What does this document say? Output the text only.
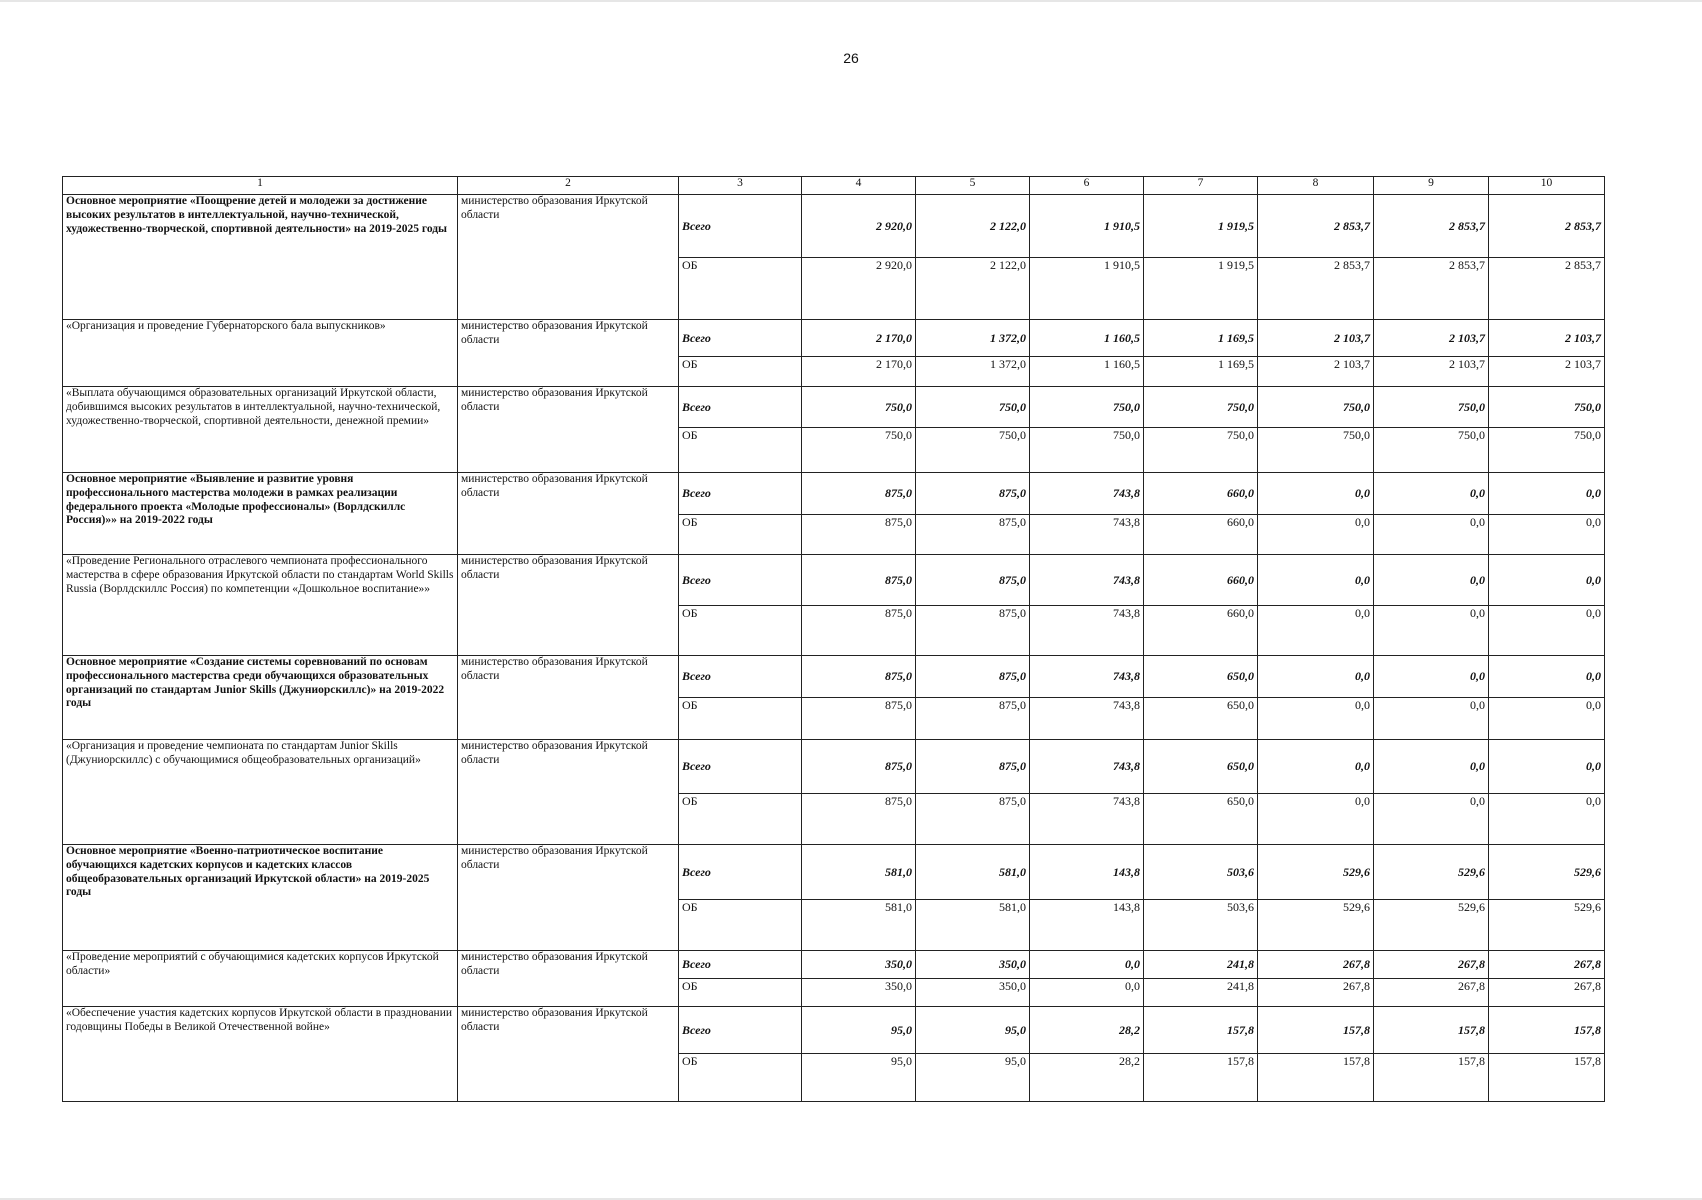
26
1	2	3	4	5	6	7	8	9	10
Основное мероприятие «Поощрение детей и молодежи за достижение высоких результатов в интеллектуальной, научно-технической, художественно-творческой, спортивной деятельности» на 2019-2025 годы	министерство образования Иркутской области	Всего	2 920,0	2 122,0	1 910,5	1 919,5	2 853,7	2 853,7	2 853,7
		ОБ	2 920,0	2 122,0	1 910,5	1 919,5	2 853,7	2 853,7	2 853,7
«Организация и проведение Губернаторского бала выпускников»	министерство образования Иркутской области	Всего	2 170,0	1 372,0	1 160,5	1 169,5	2 103,7	2 103,7	2 103,7
		ОБ	2 170,0	1 372,0	1 160,5	1 169,5	2 103,7	2 103,7	2 103,7
«Выплата обучающимся образовательных организаций Иркутской области, добившимся высоких результатов в интеллектуальной, научно-технической, художественно-творческой, спортивной деятельности, денежной премии»	министерство образования Иркутской области	Всего	750,0	750,0	750,0	750,0	750,0	750,0	750,0
		ОБ	750,0	750,0	750,0	750,0	750,0	750,0	750,0
Основное мероприятие «Выявление и развитие уровня профессионального мастерства молодежи в рамках реализации федерального проекта «Молодые профессионалы» (Ворлдскиллс Россия)»» на 2019-2022 годы	министерство образования Иркутской области	Всего	875,0	875,0	743,8	660,0	0,0	0,0	0,0
		ОБ	875,0	875,0	743,8	660,0	0,0	0,0	0,0
«Проведение Регионального отраслевого чемпионата профессионального мастерства в сфере образования Иркутской области по стандартам World Skills Russia (Ворлдскиллс Россия) по компетенции «Дошкольное воспитание»»	министерство образования Иркутской области	Всего	875,0	875,0	743,8	660,0	0,0	0,0	0,0
		ОБ	875,0	875,0	743,8	660,0	0,0	0,0	0,0
Основное мероприятие «Создание системы соревнований по основам профессионального мастерства среди обучающихся образовательных организаций по стандартам Junior Skills (Джуниорскиллс)» на 2019-2022 годы	министерство образования Иркутской области	Всего	875,0	875,0	743,8	650,0	0,0	0,0	0,0
		ОБ	875,0	875,0	743,8	650,0	0,0	0,0	0,0
«Организация и проведение чемпионата по стандартам Junior Skills (Джуниорскиллс) с обучающимися общеобразовательных организаций»	министерство образования Иркутской области	Всего	875,0	875,0	743,8	650,0	0,0	0,0	0,0
		ОБ	875,0	875,0	743,8	650,0	0,0	0,0	0,0
Основное мероприятие «Военно-патриотическое воспитание обучающихся кадетских корпусов и кадетских классов общеобразовательных организаций Иркутской области» на 2019-2025 годы	министерство образования Иркутской области	Всего	581,0	581,0	143,8	503,6	529,6	529,6	529,6
		ОБ	581,0	581,0	143,8	503,6	529,6	529,6	529,6
«Проведение мероприятий с обучающимися кадетских корпусов Иркутской области»	министерство образования Иркутской области	Всего	350,0	350,0	0,0	241,8	267,8	267,8	267,8
		ОБ	350,0	350,0	0,0	241,8	267,8	267,8	267,8
«Обеспечение участия кадетских корпусов Иркутской области в праздновании годовщины Победы в Великой Отечественной войне»	министерство образования Иркутской области	Всего	95,0	95,0	28,2	157,8	157,8	157,8	157,8
		ОБ	95,0	95,0	28,2	157,8	157,8	157,8	157,8
